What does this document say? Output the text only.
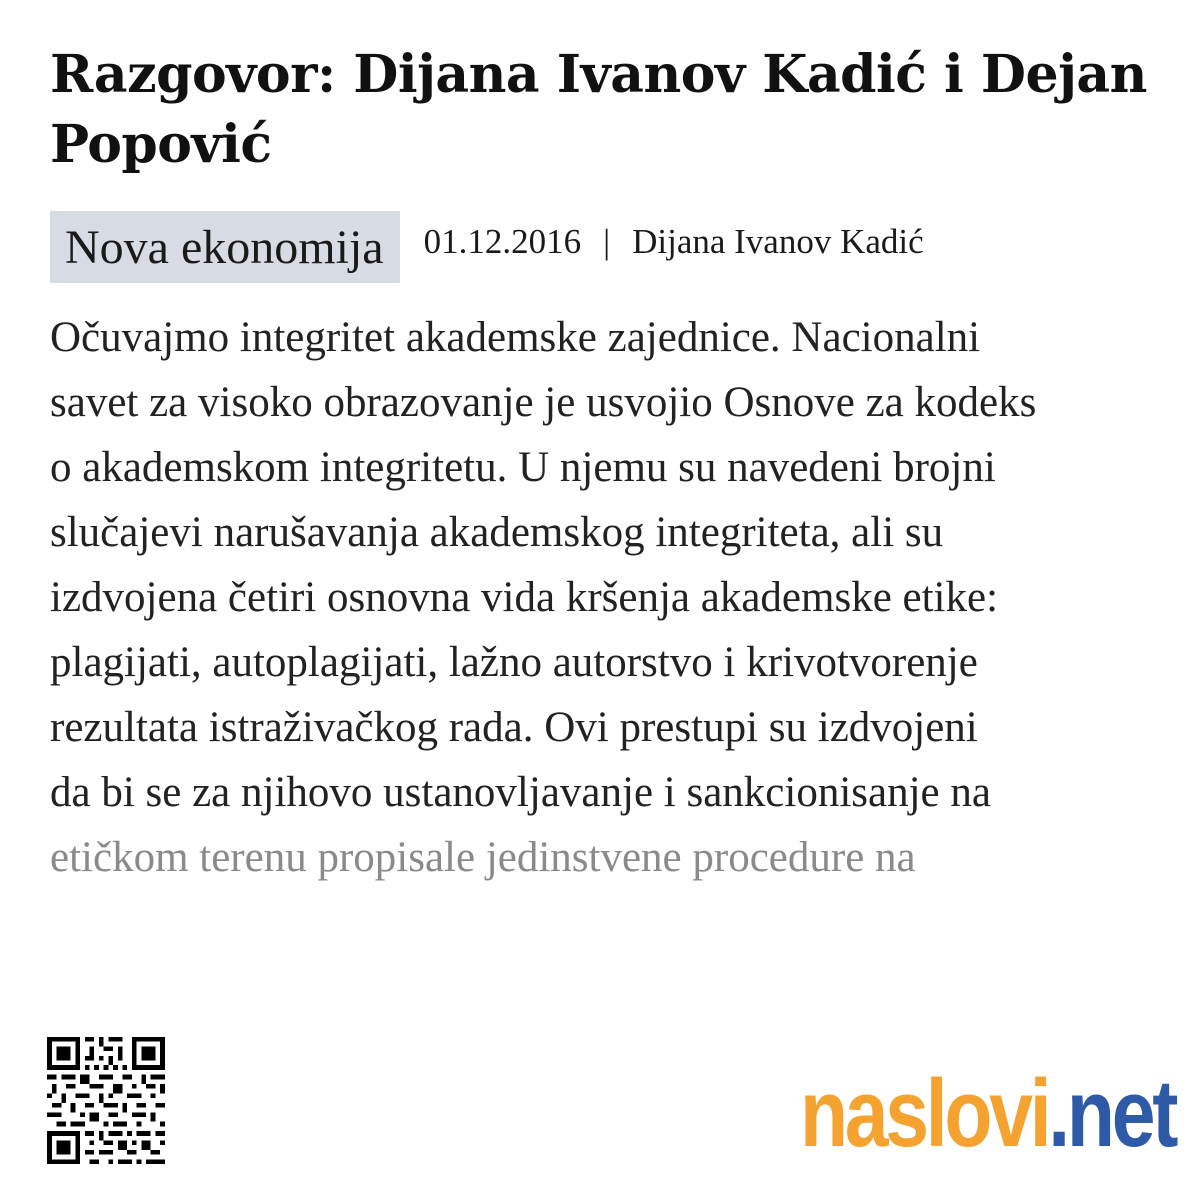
Razgovor: Dijana Ivanov Kadić i Dejan Popović
Nova ekonomija	01.12.2016 | Dijana Ivanov Kadić
Očuvajmo integritet akademske zajednice. Nacionalni
savet za visoko obrazovanje je usvojio Osnove za kodeks
o akademskom integritetu. U njemu su navedeni brojni
slučajevi narušavanja akademskog integriteta, ali su
izdvojena četiri osnovna vida kršenja akademske etike:
plagijati, autoplagijati, lažno autorstvo i krivotvorenje
rezultata istraživačkog rada. Ovi prestupi su izdvojeni
da bi se za njihovo ustanovljavanje i sankcionisanje na
etičkom terenu propisale jedinstvene procedure na
naslovi .net
